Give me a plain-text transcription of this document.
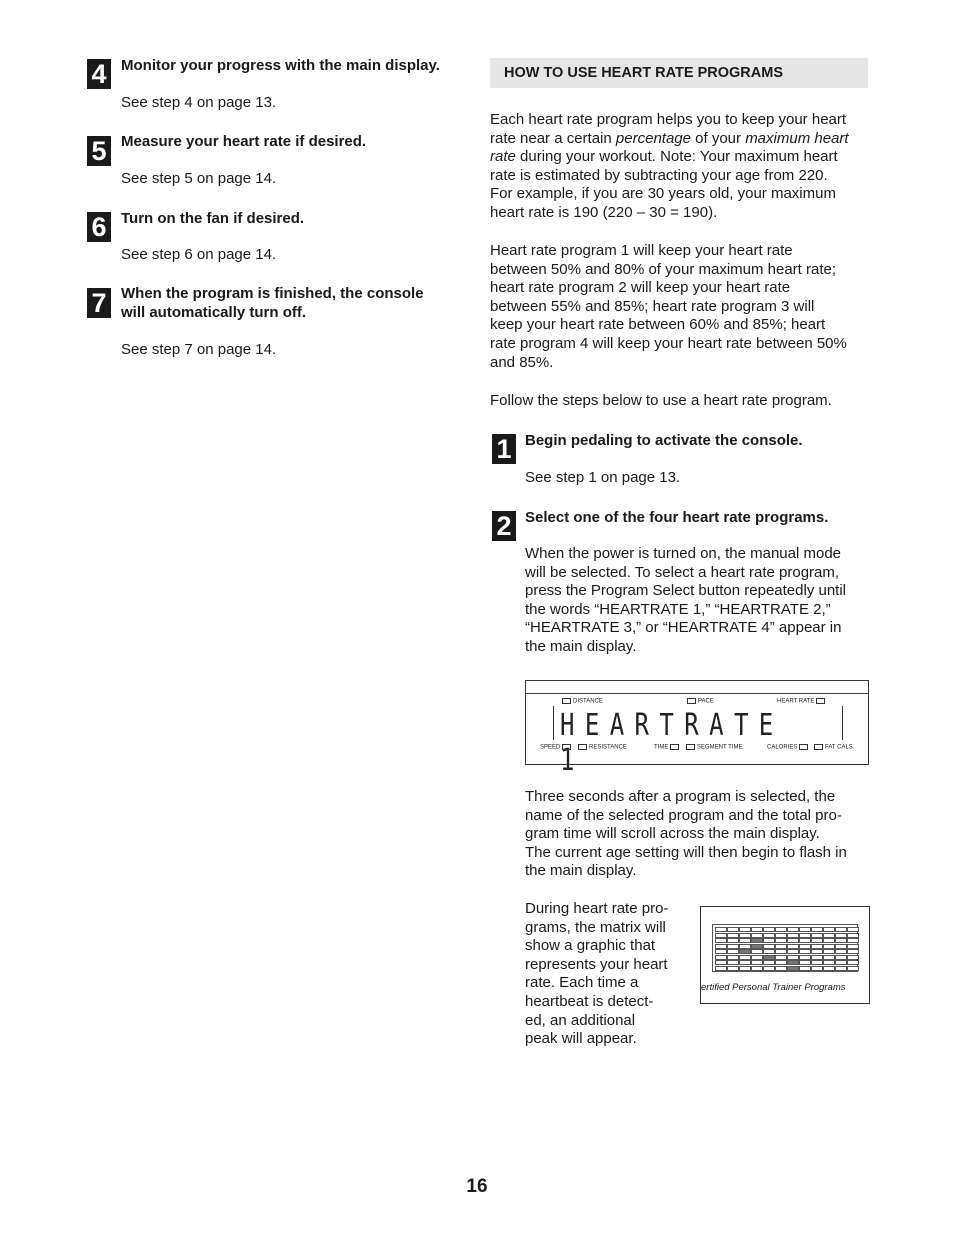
4 Monitor your progress with the main display.
See step 4 on page 13.
5 Measure your heart rate if desired.
See step 5 on page 14.
6 Turn on the fan if desired.
See step 6 on page 14.
7 When the program is finished, the console
will automatically turn off.
See step 7 on page 14.
HOW TO USE HEART RATE PROGRAMS
Each heart rate program helps you to keep your heart
rate near a certain percentage of your maximum heart
rate during your workout. Note: Your maximum heart
rate is estimated by subtracting your age from 220.
For example, if you are 30 years old, your maximum
heart rate is 190 (220 – 30 = 190).
Heart rate program 1 will keep your heart rate
between 50% and 80% of your maximum heart rate;
heart rate program 2 will keep your heart rate
between 55% and 85%; heart rate program 3 will
keep your heart rate between 60% and 85%; heart
rate program 4 will keep your heart rate between 50%
and 85%.
Follow the steps below to use a heart rate program.
1 Begin pedaling to activate the console.
See step 1 on page 13.
2 Select one of the four heart rate programs.
When the power is turned on, the manual mode
will be selected. To select a heart rate program,
press the Program Select button repeatedly until
the words “HEARTRATE 1,” “HEARTRATE 2,”
“HEARTRATE 3,” or “HEARTRATE 4” appear in
the main display.
DISTANCE	PACE	HEART RATE
HEARTRATE 1
SPEED	RESISTANCE	TIME	SEGMENT TIME	CALORIES	FAT CALS.
Three seconds after a program is selected, the
name of the selected program and the total pro-
gram time will scroll across the main display.
The current age setting will then begin to flash in
the main display.
During heart rate pro-
grams, the matrix will
show a graphic that
represents your heart
rate. Each time a
heartbeat is detect-
ed, an additional
peak will appear.
ertified Personal Trainer Programs
16
